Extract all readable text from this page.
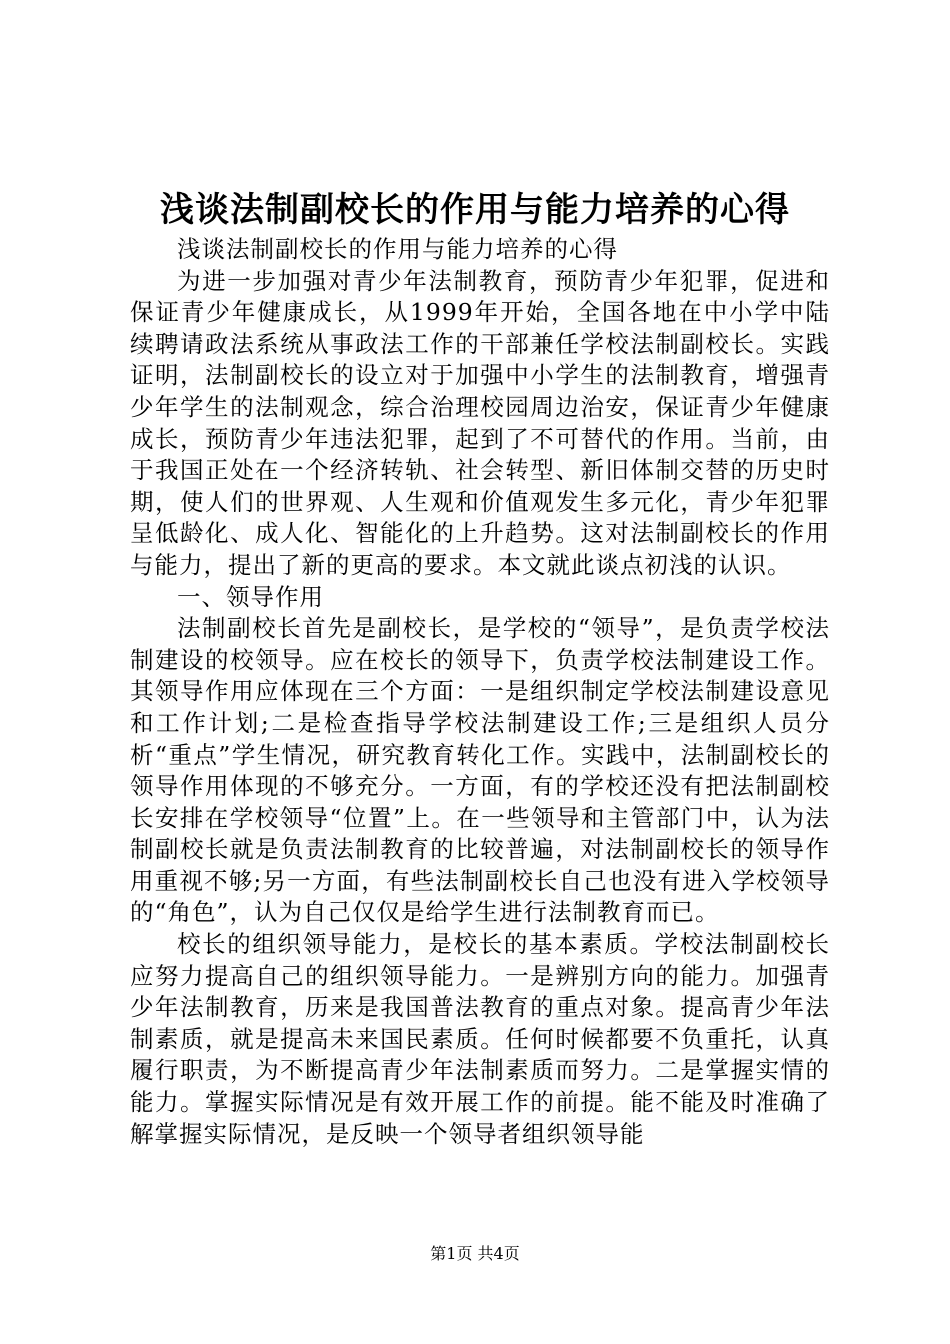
浅谈法制副校长的作用与能力培养的心得

浅谈法制副校长的作用与能力培养的心得

为进一步加强对青少年法制教育，预防青少年犯罪，促进和保证青少年健康成长，从1999年开始，全国各地在中小学中陆续聘请政法系统从事政法工作的干部兼任学校法制副校长。实践证明，法制副校长的设立对于加强中小学生的法制教育，增强青少年学生的法制观念，综合治理校园周边治安，保证青少年健康成长，预防青少年违法犯罪，起到了不可替代的作用。当前，由于我国正处在一个经济转轨、社会转型、新旧体制交替的历史时期，使人们的世界观、人生观和价值观发生多元化，青少年犯罪呈低龄化、成人化、智能化的上升趋势。这对法制副校长的作用与能力，提出了新的更高的要求。本文就此谈点初浅的认识。

一、领导作用

法制副校长首先是副校长，是学校的“领导”，是负责学校法制建设的校领导。应在校长的领导下，负责学校法制建设工作。其领导作用应体现在三个方面：一是组织制定学校法制建设意见和工作计划;二是检查指导学校法制建设工作;三是组织人员分析“重点”学生情况，研究教育转化工作。实践中，法制副校长的领导作用体现的不够充分。一方面，有的学校还没有把法制副校长安排在学校领导“位置”上。在一些领导和主管部门中，认为法制副校长就是负责法制教育的比较普遍，对法制副校长的领导作用重视不够;另一方面，有些法制副校长自己也没有进入学校领导的“角色”，认为自己仅仅是给学生进行法制教育而已。

校长的组织领导能力，是校长的基本素质。学校法制副校长应努力提高自己的组织领导能力。一是辨别方向的能力。加强青少年法制教育，历来是我国普法教育的重点对象。提高青少年法制素质，就是提高未来国民素质。任何时候都要不负重托，认真履行职责，为不断提高青少年法制素质而努力。二是掌握实情的能力。掌握实际情况是有效开展工作的前提。能不能及时准确了解掌握实际情况，是反映一个领导者组织领导能

第1页 共4页
